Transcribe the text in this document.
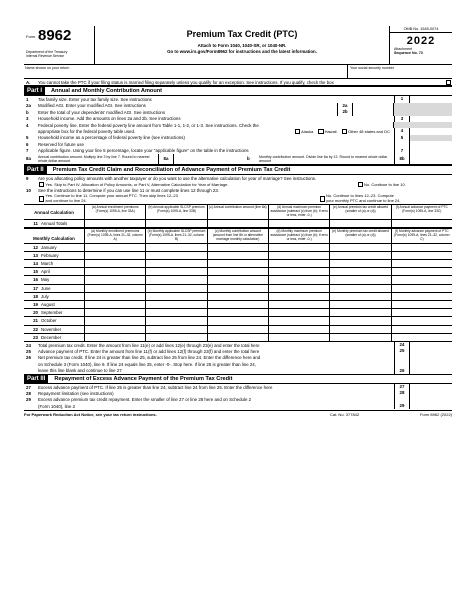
Form 8962
Department of the Treasury
Internal Revenue Service
Premium Tax Credit (PTC)
Attach to Form 1040, 1040-SR, or 1040-NR.
Go to www.irs.gov/Form8962 for instructions and the latest information.
OMB No. 1545-0074
2022
Attachment
Sequence No. 73
Name shown on your return	Your social security number
A.	You cannot take the PTC if your filing status is married filing separately unless you qualify for an exception. See instructions. If you qualify, check the box
Part I	Annual and Monthly Contribution Amount
1	Tax family size. Enter your tax family size. See instructions	1
2a	Modified AGI. Enter your modified AGI. See instructions	2a
b	Enter the total of your dependents' modified AGI. See instructions	2b
3	Household income. Add the amounts on lines 2a and 2b. See instructions	3
4	Federal poverty line. Enter the federal poverty line amount from Table 1-1, 1-2, or 1-3. See instructions. Check the
appropriate box for the federal poverty table used.	Alaska	Hawaii	Other 48 states and DC	4
5	Household income as a percentage of federal poverty line (see instructions)	5
6	Reserved for future use
7	Applicable figure. Using your line 5 percentage, locate your "applicable figure" on the table in the instructions	7
8a	Annual contribution amount. Multiply line 3 by line 7. Round to nearest whole dollar amount	8a	b	Monthly contribution amount. Divide line 8a by 12. Round to nearest whole dollar amount	8b
Part II	Premium Tax Credit Claim and Reconciliation of Advance Payment of Premium Tax Credit
9	Are you allocating policy amounts with another taxpayer or do you want to use the alternative calculation for year of marriage? See instructions.
Yes. Skip to Part IV, Allocation of Policy Amounts, or Part V, Alternative Calculation for Year of Marriage.	No. Continue to line 10.
10	See the instructions to determine if you can use line 11 or must complete lines 12 through 23.
Yes. Continue to line 11. Compute your annual PTC. Then skip lines 12–23
and continue to line 24.
No. Continue to lines 12–23. Compute
your monthly PTC and continue to line 24.
Annual Calculation
(a) Annual enrollment premiums (Form(s) 1095-A, line 33A)
(b) Annual applicable SLCSP premium (Form(s) 1095-A, line 33B)
(c) Annual contribution amount (line 8a)	(d) Annual maximum premium assistance (subtract (c) from (b); if zero or less, enter -0-)
(e) Annual premium tax credit allowed (smaller of (a) or (d))
(f) Annual advance payment of PTC (Form(s) 1095-A, line 33C)
11 Annual Totals
Monthly Calculation
(a) Monthly enrollment premiums (Form(s) 1095-A, lines 21–32, column A)
(b) Monthly applicable SLCSP premium (Form(s) 1095-A, lines 21–32, column B)
(c) Monthly contribution amount (amount from line 8b or alternative marriage monthly calculation)
(d) Monthly maximum premium assistance (subtract (c) from (b); if zero or less, enter -0-)
(e) Monthly premium tax credit allowed (smaller of (a) or (d))
(f) Monthly advance payment of PTC (Form(s) 1095-A, lines 21–32, column C)
12 January
13 February
14 March
15 April
16 May
17 June
18 July
19 August
20 September
21 October
22 November
23 December
24	Total premium tax credit. Enter the amount from line 11(e) or add lines 12(e) through 23(e) and enter the total here	24
25	Advance payment of PTC. Enter the amount from line 11(f) or add lines 12(f) through 23(f) and enter the total here	25
26	Net premium tax credit. If line 24 is greater than line 25, subtract line 25 from line 24. Enter the difference here and
on Schedule 3 (Form 1040), line 9. If line 24 equals line 25, enter -0-. Stop here. If line 25 is greater than line 24,
leave this line blank and continue to line 27	26
Part III	Repayment of Excess Advance Payment of the Premium Tax Credit
27	Excess advance payment of PTC. If line 25 is greater than line 24, subtract line 24 from line 25. Enter the difference here	27
28	Repayment limitation (see instructions)	28
29	Excess advance premium tax credit repayment. Enter the smaller of line 27 or line 28 here and on Schedule 2
(Form 1040), line 2	29
For Paperwork Reduction Act Notice, see your tax return instructions.	Cat. No. 37784Z	Form 8962 (2022)
